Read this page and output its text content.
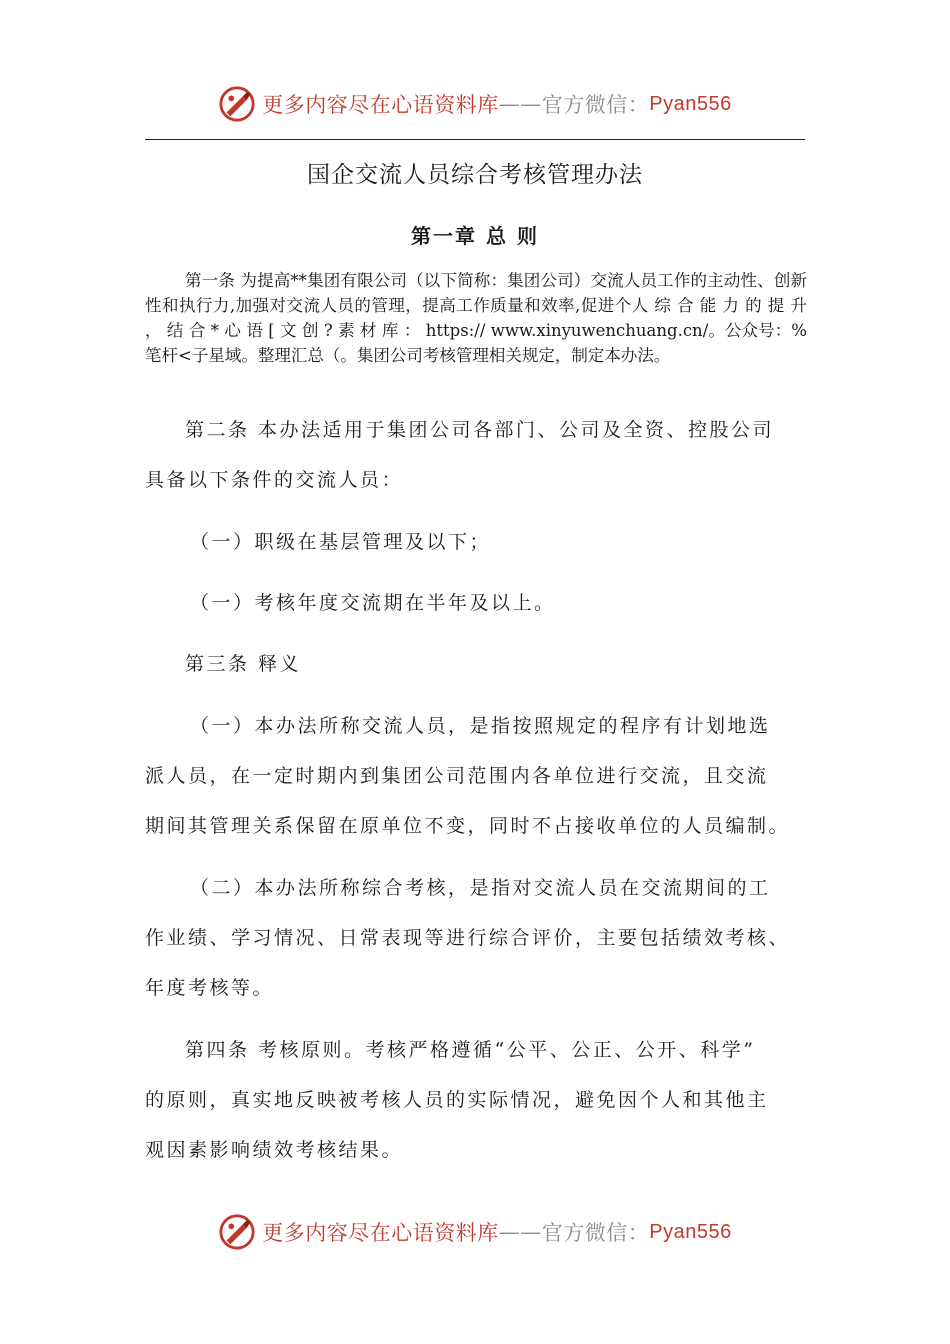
更多内容尽在心语资料库 —— 官方微信： Pyan556
国企交流人员综合考核管理办法
第一章 总 则
第一条 为提高**集团有限公司（以下简称：集团公司）交流人员工作的主动性、创新性和执行力,加强对交流人员的管理，提高工作质量和效率,促进个人 综 合 能 力 的 提 升 ， 结 合 * 心 语 [ 文 创 ? 素 材 库 ： https:// www.xinyuwenchuang.cn/。公众号：%笔杆<子星域。整理汇总（。集团公司考核管理相关规定，制定本办法。
第二条 本办法适用于集团公司各部门、公司及全资、控股公司
具备以下条件的交流人员：
（一）职级在基层管理及以下；
（一）考核年度交流期在半年及以上。
第三条 释义
（一）本办法所称交流人员，是指按照规定的程序有计划地选
派人员，在一定时期内到集团公司范围内各单位进行交流，且交流
期间其管理关系保留在原单位不变，同时不占接收单位的人员编制。
（二）本办法所称综合考核，是指对交流人员在交流期间的工
作业绩、学习情况、日常表现等进行综合评价，主要包括绩效考核、
年度考核等。
第四条 考核原则。考核严格遵循“公平、公正、公开、科学”
的原则，真实地反映被考核人员的实际情况，避免因个人和其他主
观因素影响绩效考核结果。
更多内容尽在心语资料库 —— 官方微信： Pyan556
